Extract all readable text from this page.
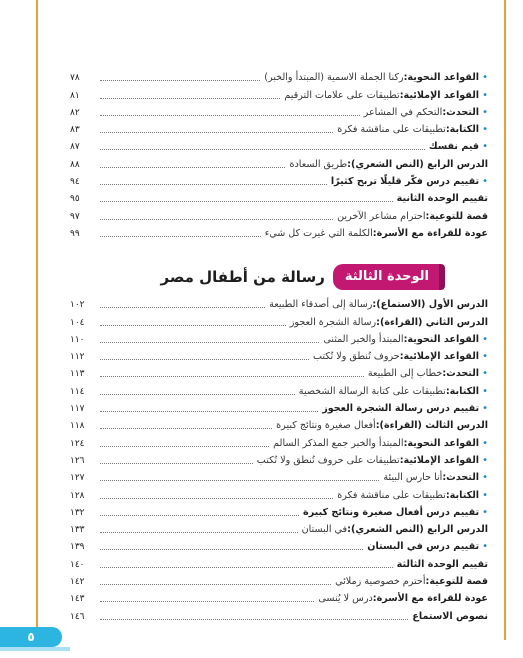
•
القواعد النحوية:
ركنا الجملة الاسمية (المبتدأ والخبر)
٧٨
•
القواعد الإملائية:
تطبيقات على علامات الترقيم
٨١
•
التحدث:
التحكم في المشاعر
٨٢
•
الكتابة:
تطبيقات على مناقشة فكرة
٨٣
•
قيم نفسك
٨٧
الدرس الرابع (النص الشعري):
طريق السعادة
٨٨
•
تقييم درس فكّر قليلًا تربح كثيرًا
٩٤
تقييم الوحدة الثانية
٩٥
قصة للتوعية:
احترام مشاعر الآخرين
٩٧
عودة للقراءة مع الأسرة:
الكلمة التي غيرت كل شيء
٩٩
الوحدة الثالثة
رسالة من أطفال مصر
الدرس الأول (الاستماع):
رسالة إلى أصدقاء الطبيعة
١٠٢
الدرس الثاني (القراءة):
رسالة الشجرة العجوز
١٠٤
•
القواعد النحوية:
المبتدأ والخبر المثنى
١١٠
•
القواعد الإملائية:
حروف تُنطق ولا تُكتب
١١٢
•
التحدث:
خطاب إلى الطبيعة
١١٣
•
الكتابة:
تطبيقات على كتابة الرسالة الشخصية
١١٤
•
تقييم درس رسالة الشجرة العجوز
١١٧
الدرس الثالث (القراءة):
أفعال صغيرة ونتائج كبيرة
١١٨
•
القواعد النحوية:
المبتدأ والخبر جمع المذكر السالم
١٢٤
•
القواعد الإملائية:
تطبيقات على حروف تُنطق ولا تُكتب
١٢٦
•
التحدث:
أنا حارس البيئة
١٢٧
•
الكتابة:
تطبيقات على مناقشة فكرة
١٢٨
•
تقييم درس أفعال صغيرة ونتائج كبيرة
١٣٢
الدرس الرابع (النص الشعري):
في البستان
١٣٣
•
تقييم درس في البستان
١٣٩
تقييم الوحدة الثالثة
١٤٠
قصة للتوعية:
أحترم خصوصية زملائي
١٤٢
عودة للقراءة مع الأسرة:
درس لا يُنسى
١٤٣
نصوص الاستماع
١٤٦
٥
